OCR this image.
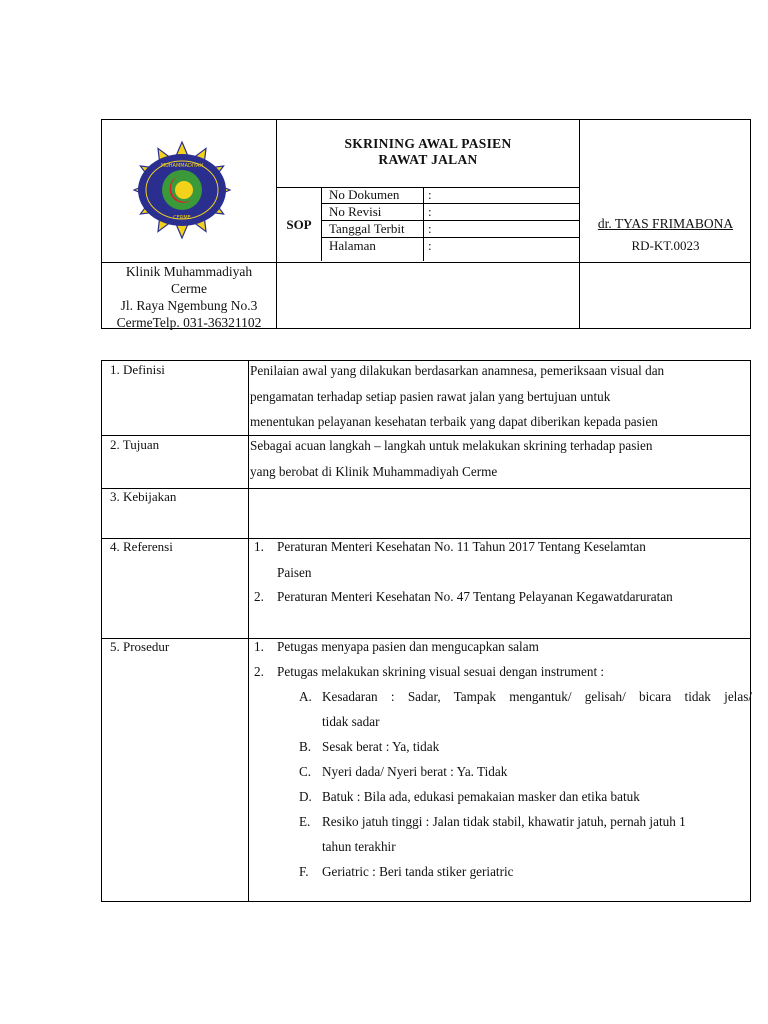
MUHAMMADIYAH
CERME
SKRINING AWAL PASIEN
RAWAT JALAN
SOP
No Dokumen :
No Revisi	:
Tanggal Terbit :
Halaman	:
dr. TYAS FRIMABONA
RD-KT.0023
Klinik Muhammadiyah
Cerme
Jl. Raya Ngembung No.3
CermeTelp. 031-36321102
1. Definisi	Penilaian awal yang dilakukan berdasarkan anamnesa, pemeriksaan visual dan
pengamatan terhadap setiap pasien rawat jalan yang bertujuan untuk
menentukan pelayanan kesehatan terbaik yang dapat diberikan kepada pasien
2. Tujuan	Sebagai acuan langkah – langkah untuk melakukan skrining terhadap pasien
yang berobat di Klinik Muhammadiyah Cerme
3. Kebijakan
4. Referensi	1. Peraturan Menteri Kesehatan No. 11 Tahun 2017 Tentang Keselamtan
Paisen
2. Peraturan Menteri Kesehatan No. 47 Tentang Pelayanan Kegawatdaruratan
5. Prosedur	1. Petugas menyapa pasien dan mengucapkan salam
2. Petugas melakukan skrining visual sesuai dengan instrument :
A. Kesadaran : Sadar, Tampak mengantuk/ gelisah/ bicara tidak jelas/
tidak sadar
B. Sesak berat : Ya, tidak
C. Nyeri dada/ Nyeri berat : Ya. Tidak
D. Batuk : Bila ada, edukasi pemakaian masker dan etika batuk
E. Resiko jatuh tinggi : Jalan tidak stabil, khawatir jatuh, pernah jatuh 1
tahun terakhir
F. Geriatric : Beri tanda stiker geriatric
